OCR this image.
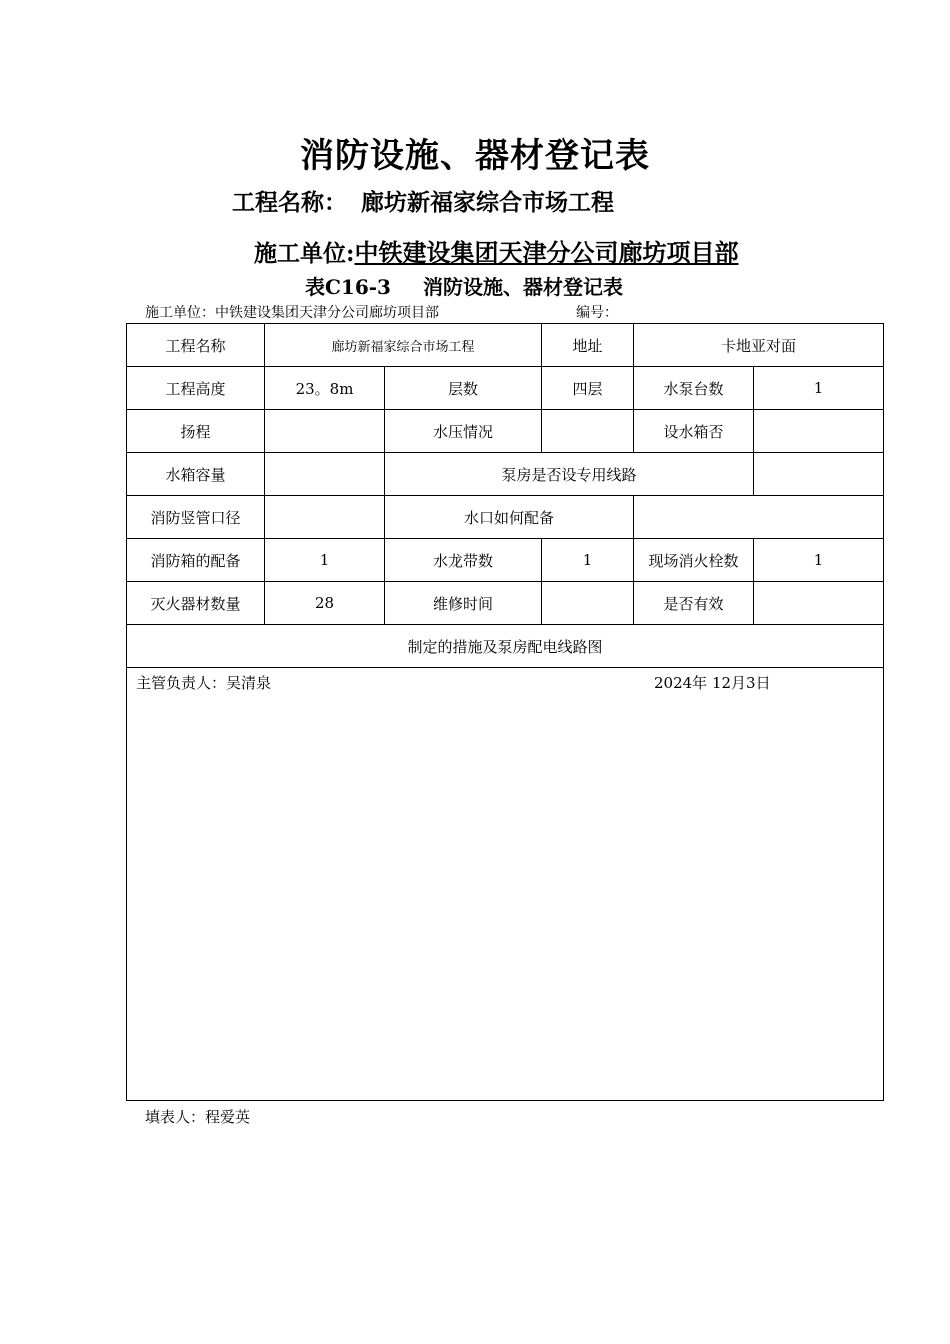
消防设施、器材登记表
工程名称： 廊坊新福家综合市场工程
施工单位:中铁建设集团天津分公司廊坊项目部
表C16-3 消防设施、器材登记表
施工单位：中铁建设集团天津分公司廊坊项目部	编号：
工程名称	廊坊新福家综合市场工程		地址	卡地亚对面	
工程高度	23。8m	层数	四层	水泵台数	1
扬程		水压情况		设水箱否	
水箱容量		泵房是否设专用线路			
消防竖管口径		水口如何配备			
消防箱的配备	1	水龙带数	1	现场消火栓数	1
灭火器材数量	28	维修时间		是否有效	
制定的措施及泵房配电线路图					

主管负责人：吴清泉 2024年 12月3日					
填表人：程爱英
